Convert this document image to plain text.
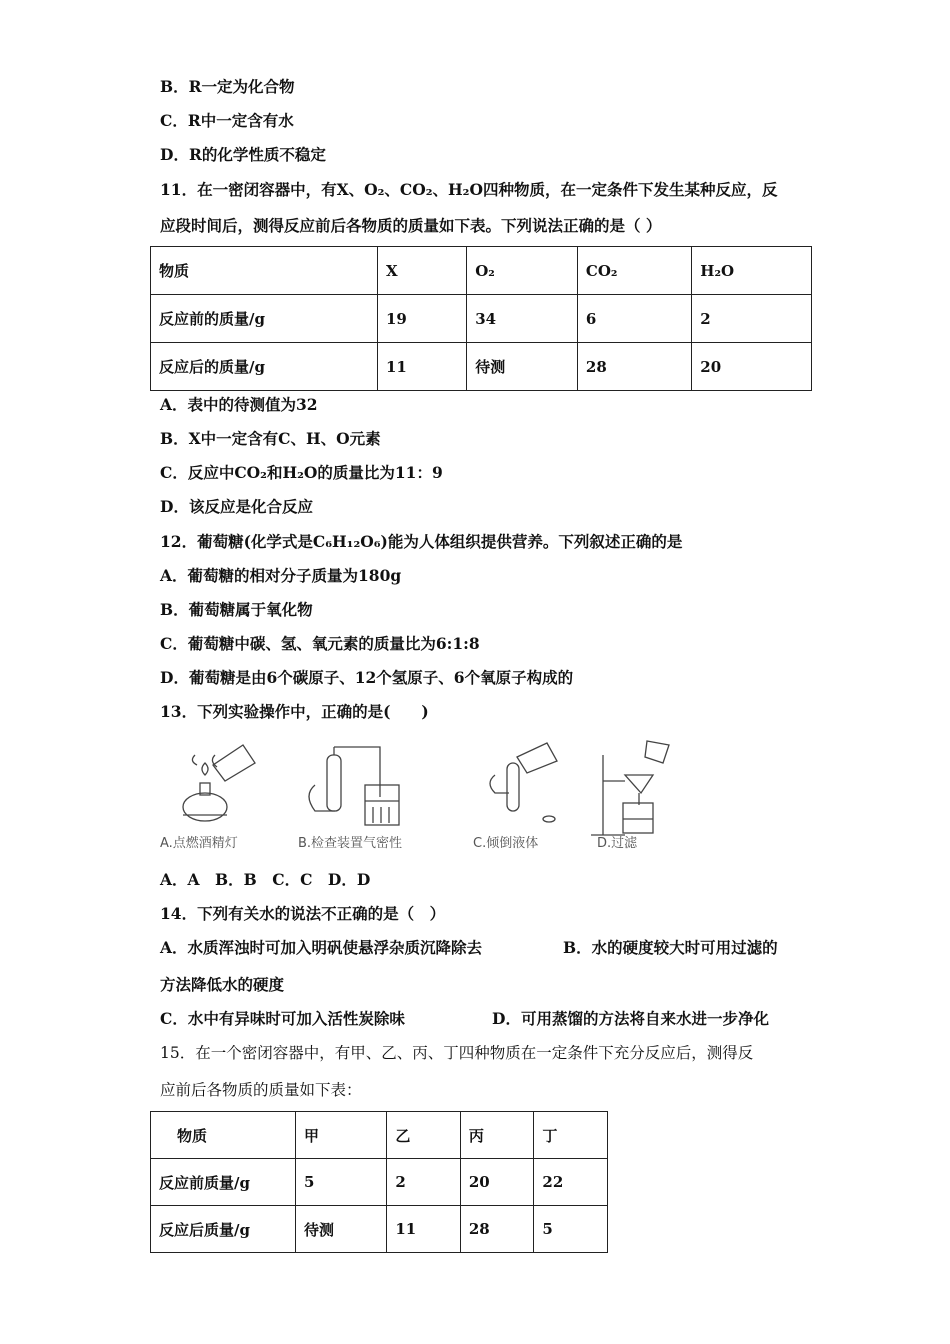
B．R一定为化合物
C．R中一定含有水
D．R的化学性质不稳定
11．在一密闭容器中，有X、O₂、CO₂、H₂O四种物质，在一定条件下发生某种反应，反
应段时间后，测得反应前后各物质的质量如下表。下列说法正确的是（ ）
物质	X	O₂	CO₂	H₂O
反应前的质量/g	19	34	6	2
反应后的质量/g	11	待测	28	20
A．表中的待测值为32
B．X中一定含有C、H、O元素
C．反应中CO₂和H₂O的质量比为11：9
D．该反应是化合反应
12．葡萄糖(化学式是C₆H₁₂O₆)能为人体组织提供营养。下列叙述正确的是
A．葡萄糖的相对分子质量为180g
B．葡萄糖属于氧化物
C．葡萄糖中碳、氢、氧元素的质量比为6:1:8
D．葡萄糖是由6个碳原子、12个氢原子、6个氧原子构成的
13．下列实验操作中，正确的是(　　)
A.点燃酒精灯	B.检查装置气密性	C.倾倒液体	D.过滤
A．A　B．B　C．C　D．D
14．下列有关水的说法不正确的是（　）
A．水质浑浊时可加入明矾使悬浮杂质沉降除去	B．水的硬度较大时可用过滤的
方法降低水的硬度
C．水中有异味时可加入活性炭除味	D．可用蒸馏的方法将自来水进一步净化
15．在一个密闭容器中，有甲、乙、丙、丁四种物质在一定条件下充分反应后，测得反
应前后各物质的质量如下表：
物质	甲	乙	丙	丁
反应前质量/g	5	2	20	22
反应后质量/g	待测	11	28	5
